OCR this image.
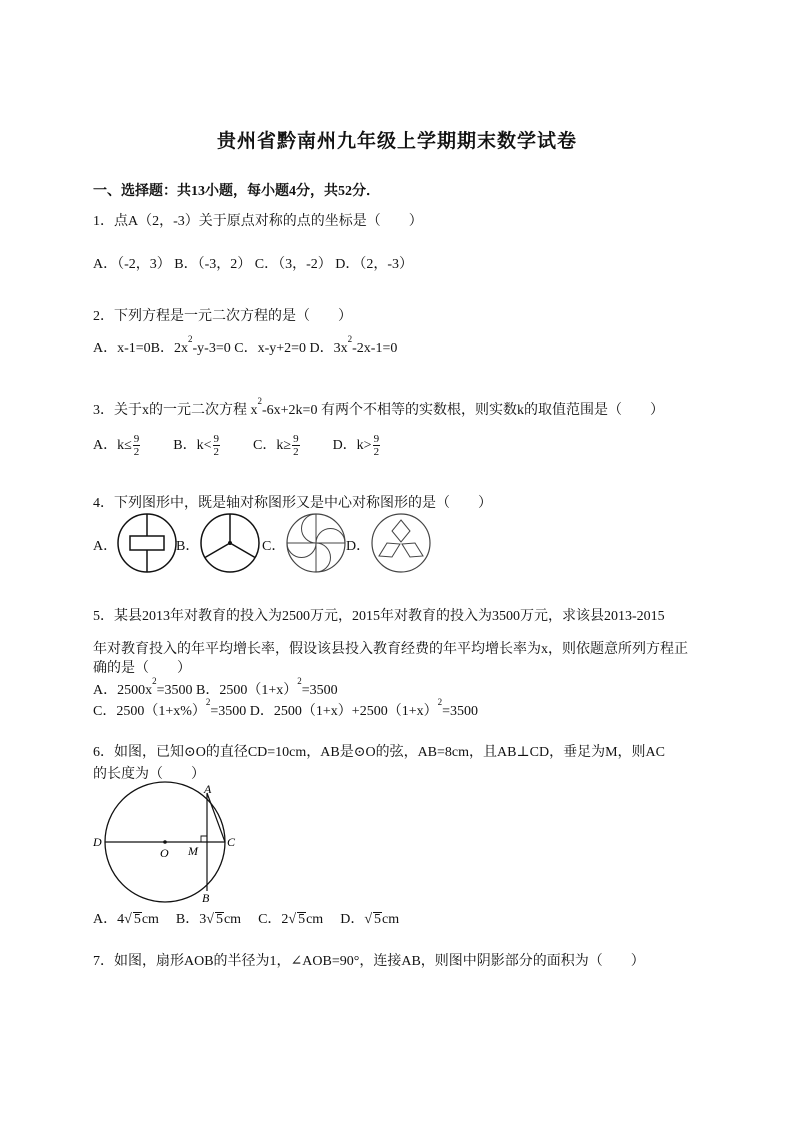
贵州省黔南州九年级上学期期末数学试卷
一、选择题：共13小题，每小题4分，共52分．
1．点A（2，-3）关于原点对称的点的坐标是（　　）
A．（-2，3） B．（-3，2） C．（3，-2） D．（2，-3）
2．下列方程是一元二次方程的是（　　）
A．x-1=0B．$2x^2-y-3=0$ C．x-y+2=0 D．$3x^2-2x-1=0$
3．关于x的一元二次方程 $x^2-6x+2k=0$ 有两个不相等的实数根，则实数k的取值范围是（　　）
A．$k\le \frac{9}{2}$ B．$k< \frac{9}{2}$ C．$k\ge \frac{9}{2}$ D．$k> \frac{9}{2}$
4．下列图形中，既是轴对称图形又是中心对称图形的是（　　）
A．	B．	C．	D．
5．某县2013年对教育的投入为2500万元，2015年对教育的投入为3500万元，求该县2013-2015
年对教育投入的年平均增长率，假设该县投入教育经费的年平均增长率为x，则依题意所列方程正
确的是（　　）
A．$2500x^2=3500$ B．$2500(1+x)^2=3500$
C．$2500(1+x\%)^2=3500$ D．$2500(1+x)+2500(1+x)^2=3500$
6．如图，已知⊙O的直径CD=10cm，AB是⊙O的弦，AB=8cm，且AB⊥CD，垂足为M，则AC
的长度为（　　）
A
B
C
D
O M
A．4√ 5cm B．3√ 5cm C．2√ 5cm D．√ 5cm
7．如图，扇形AOB的半径为1，∠AOB=90°，连接AB，则图中阴影部分的面积为（　　）
